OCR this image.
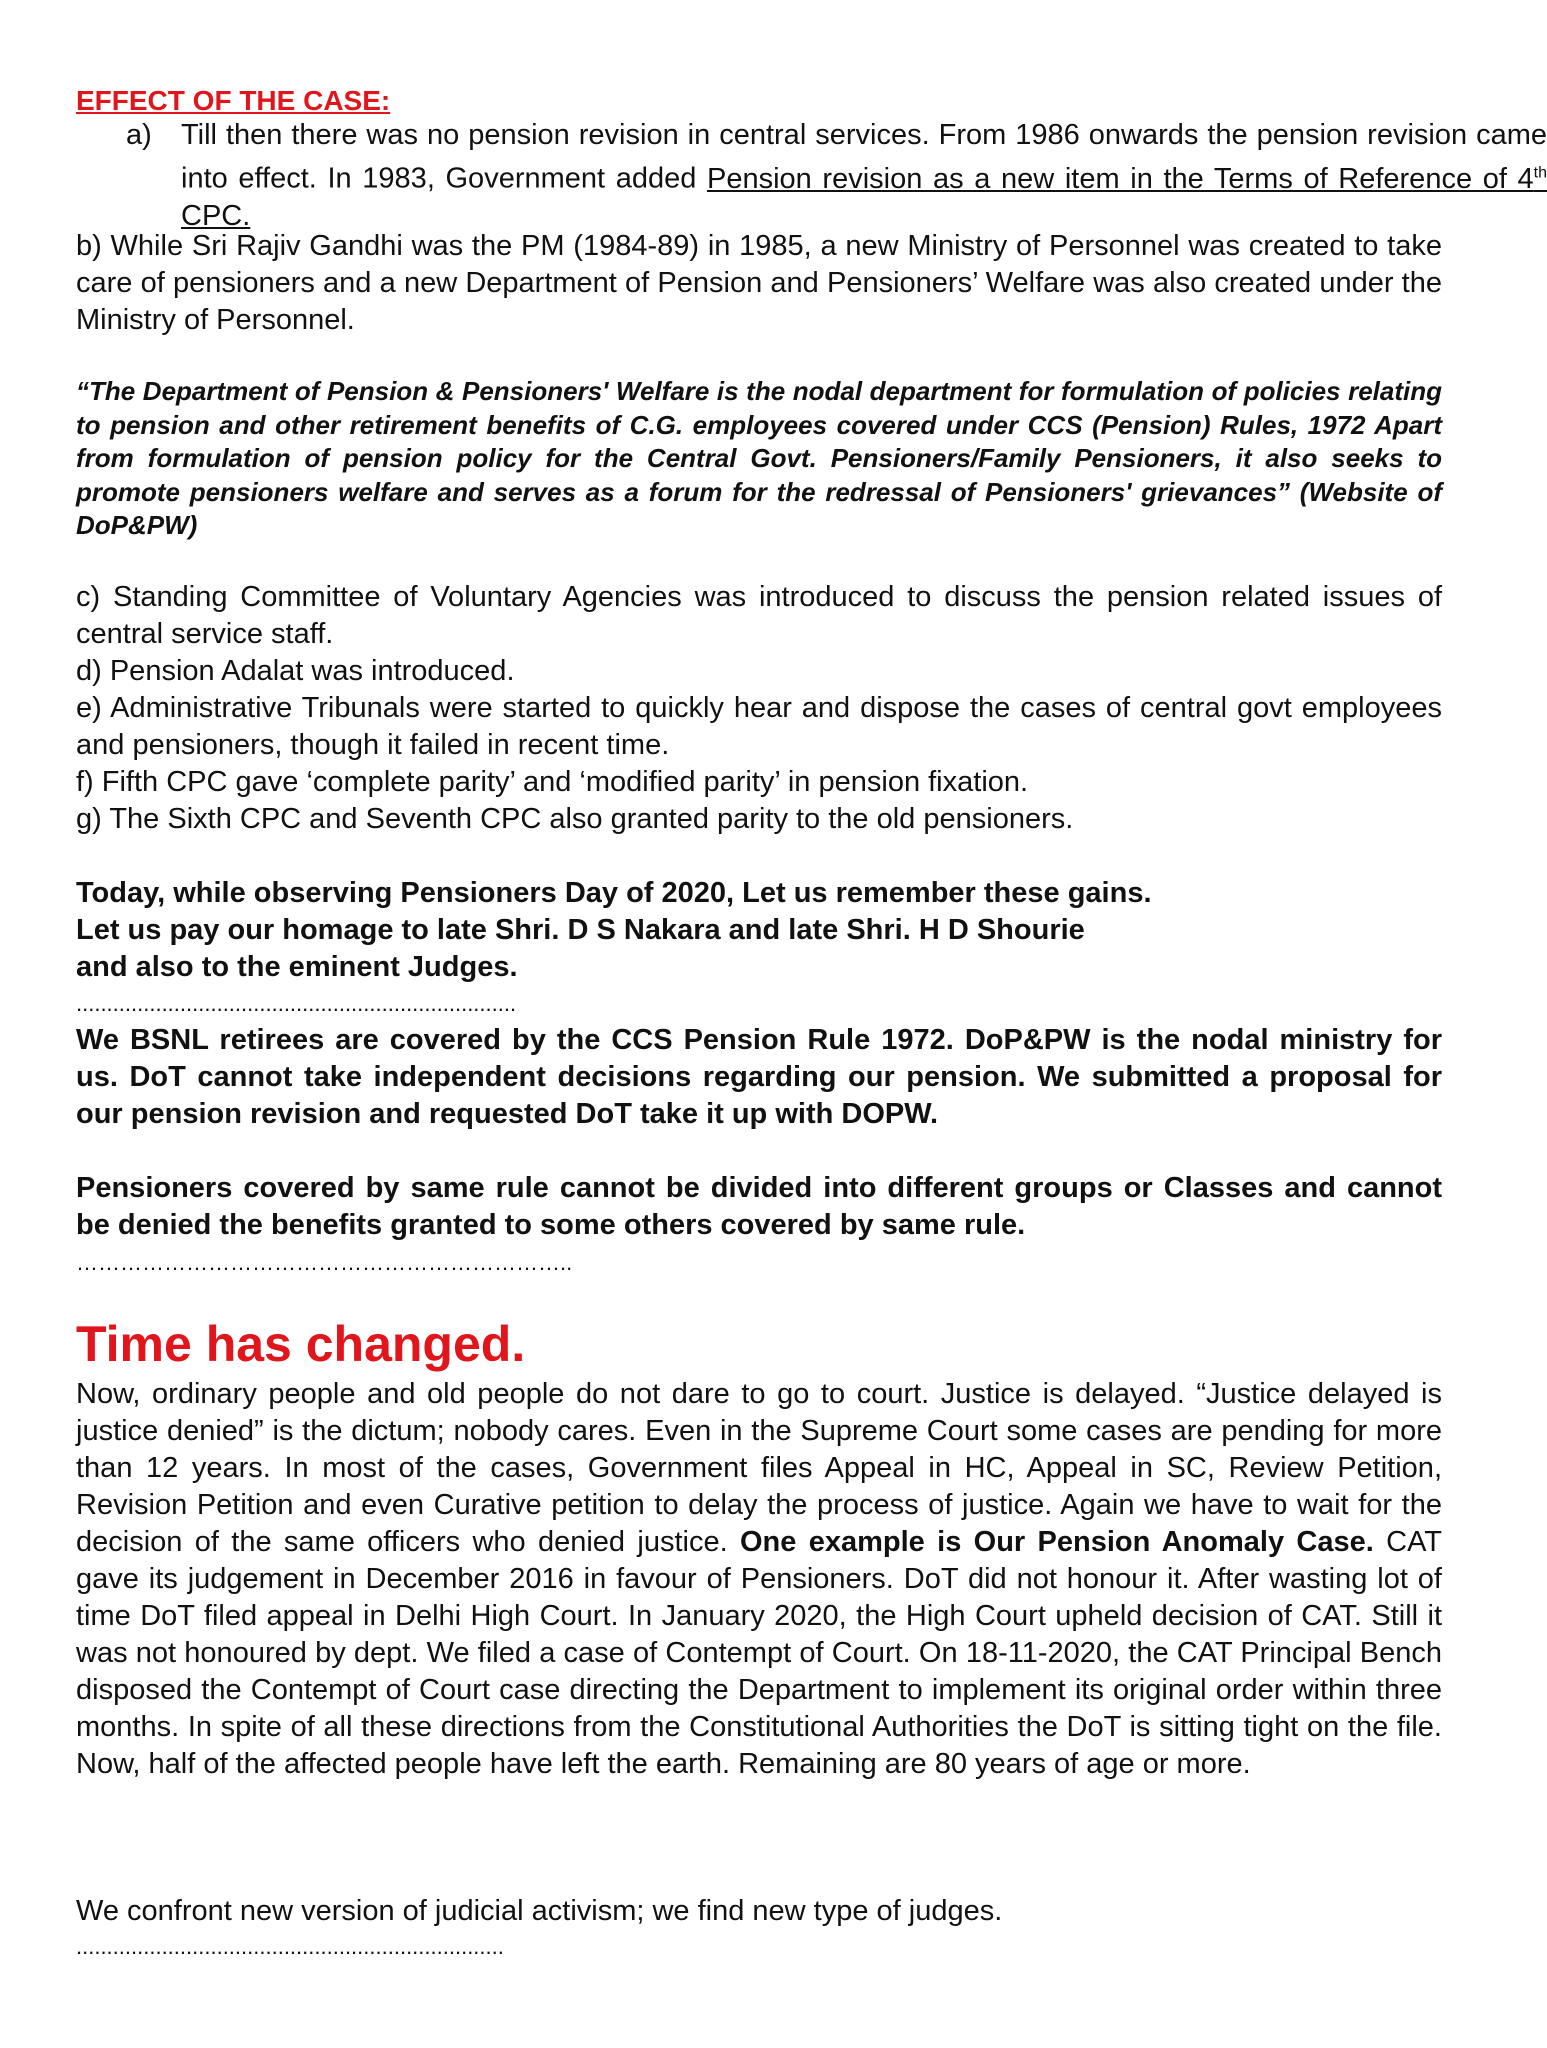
EFFECT OF THE CASE:
a) Till then there was no pension revision in central services. From 1986 onwards the pension revision came into effect. In 1983, Government added Pension revision as a new item in the Terms of Reference of 4th CPC.

b) While Sri Rajiv Gandhi was the PM (1984-89) in 1985, a new Ministry of Personnel was created to take care of pensioners and a new Department of Pension and Pensioners’ Welfare was also created under the Ministry of Personnel.

“The Department of Pension & Pensioners' Welfare is the nodal department for formulation of policies relating to pension and other retirement benefits of C.G. employees covered under CCS (Pension) Rules, 1972 Apart from formulation of pension policy for the Central Govt. Pensioners/Family Pensioners, it also seeks to promote pensioners welfare and serves as a forum for the redressal of Pensioners' grievances” (Website of DoP&PW)

c) Standing Committee of Voluntary Agencies was introduced to discuss the pension related issues of central service staff.

d) Pension Adalat was introduced.

e) Administrative Tribunals were started to quickly hear and dispose the cases of central govt employees and pensioners, though it failed in recent time.

f) Fifth CPC gave ‘complete parity’ and ‘modified parity’ in pension fixation.

g) The Sixth CPC and Seventh CPC also granted parity to the old pensioners.

Today, while observing Pensioners Day of 2020, Let us remember these gains.

Let us pay our homage to late Shri. D S Nakara and late Shri. H D Shourie

and also to the eminent Judges.

........................................................................

We BSNL retirees are covered by the CCS Pension Rule 1972. DoP&PW is the nodal ministry for us. DoT cannot take independent decisions regarding our pension. We submitted a proposal for our pension revision and requested DoT take it up with DOPW.

Pensioners covered by same rule cannot be divided into different groups or Classes and cannot be denied the benefits granted to some others covered by same rule.

…………………………………………………………..

Time has changed.

Now, ordinary people and old people do not dare to go to court. Justice is delayed. “Justice delayed is justice denied” is the dictum; nobody cares. Even in the Supreme Court some cases are pending for more than 12 years. In most of the cases, Government files Appeal in HC, Appeal in SC, Review Petition, Revision Petition and even Curative petition to delay the process of justice. Again we have to wait for the decision of the same officers who denied justice. One example is Our Pension Anomaly Case. CAT gave its judgement in December 2016 in favour of Pensioners. DoT did not honour it. After wasting lot of time DoT filed appeal in Delhi High Court. In January 2020, the High Court upheld decision of CAT. Still it was not honoured by dept. We filed a case of Contempt of Court. On 18-11-2020, the CAT Principal Bench disposed the Contempt of Court case directing the Department to implement its original order within three months. In spite of all these directions from the Constitutional Authorities the DoT is sitting tight on the file. Now, half of the affected people have left the earth. Remaining are 80 years of age or more.

We confront new version of judicial activism; we find new type of judges.

......................................................................
